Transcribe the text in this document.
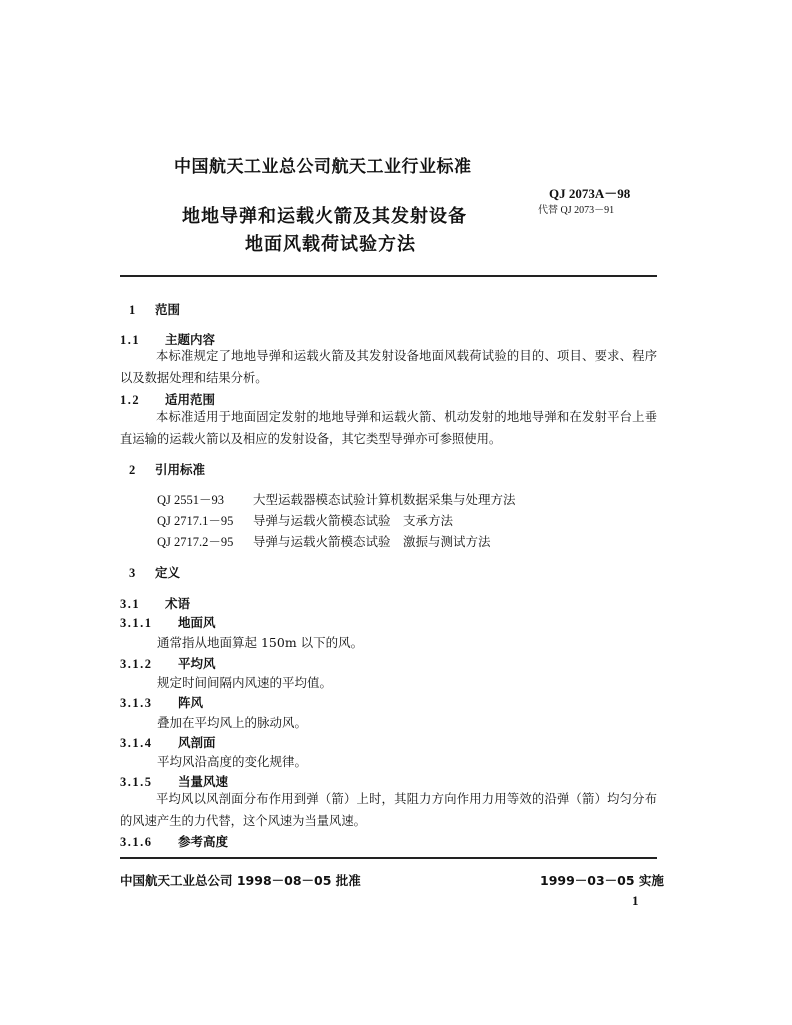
中国航天工业总公司航天工业行业标准
QJ 2073A－98
代替 QJ 2073－91
地地导弹和运载火箭及其发射设备
地面风载荷试验方法
1 范围
1.1 主题内容
本标准规定了地地导弹和运载火箭及其发射设备地面风载荷试验的目的、项目、要求、程序以及数据处理和结果分析。
1.2 适用范围
本标准适用于地面固定发射的地地导弹和运载火箭、机动发射的地地导弹和在发射平台上垂直运输的运载火箭以及相应的发射设备，其它类型导弹亦可参照使用。
2 引用标准
QJ 2551－93 大型运载器模态试验计算机数据采集与处理方法
QJ 2717.1－95 导弹与运载火箭模态试验　支承方法
QJ 2717.2－95 导弹与运载火箭模态试验　激振与测试方法
3 定义
3.1 术语
3.1.1 地面风
通常指从地面算起 150m 以下的风。
3.1.2 平均风
规定时间间隔内风速的平均值。
3.1.3 阵风
叠加在平均风上的脉动风。
3.1.4 风剖面
平均风沿高度的变化规律。
3.1.5 当量风速
平均风以风剖面分布作用到弹（箭）上时，其阻力方向作用力用等效的沿弹（箭）均匀分布的风速产生的力代替，这个风速为当量风速。
3.1.6 参考高度
中国航天工业总公司 1998－08－05 批准	1999－03－05 实施
1
